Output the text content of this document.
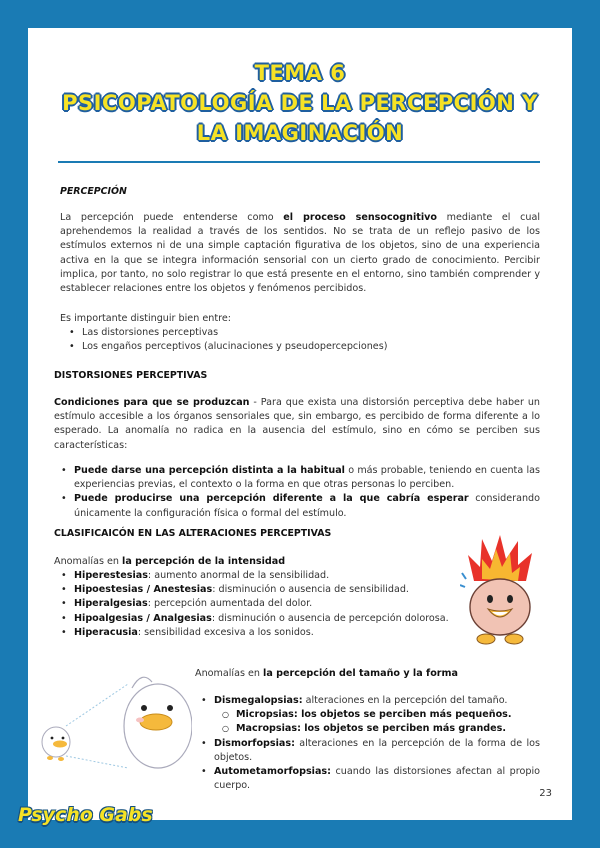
TEMA 6
PSICOPATOLOGÍA DE LA PERCEPCIÓN Y
LA IMAGINACIÓN
PERCEPCIÓN
La percepción puede entenderse como el proceso sensocognitivo mediante el cual aprehendemos la realidad a través de los sentidos. No se trata de un reflejo pasivo de los estímulos externos ni de una simple captación figurativa de los objetos, sino de una experiencia activa en la que se integra información sensorial con un cierto grado de conocimiento. Percibir implica, por tanto, no solo registrar lo que está presente en el entorno, sino también comprender y establecer relaciones entre los objetos y fenómenos percibidos.
Es importante distinguir bien entre:
• Las distorsiones perceptivas
• Los engaños perceptivos (alucinaciones y pseudopercepciones)
DISTORSIONES PERCEPTIVAS
Condiciones para que se produzcan - Para que exista una distorsión perceptiva debe haber un estímulo accesible a los órganos sensoriales que, sin embargo, es percibido de forma diferente a lo esperado. La anomalía no radica en la ausencia del estímulo, sino en cómo se perciben sus características:
• Puede darse una percepción distinta a la habitual o más probable, teniendo en cuenta las experiencias previas, el contexto o la forma en que otras personas lo perciben.
• Puede producirse una percepción diferente a la que cabría esperar considerando únicamente la configuración física o formal del estímulo.
CLASIFICAICÓN EN LAS ALTERACIONES PERCEPTIVAS
Anomalías en la percepción de la intensidad
• Hiperestesias: aumento anormal de la sensibilidad.
• Hipoestesias / Anestesias: disminución o ausencia de sensibilidad.
• Hiperalgesias: percepción aumentada del dolor.
• Hipoalgesias / Analgesias: disminución o ausencia de percepción dolorosa.
• Hiperacusia: sensibilidad excesiva a los sonidos.
Anomalías en la percepción del tamaño y la forma
• Dismegalopsias: alteraciones en la percepción del tamaño.
○ Micropsias: los objetos se perciben más pequeños.
○ Macropsias: los objetos se perciben más grandes.
• Dismorfopsias: alteraciones en la percepción de la forma de los objetos.
• Autometamorfopsias: cuando las distorsiones afectan al propio cuerpo.
23
Psycho Gabs
